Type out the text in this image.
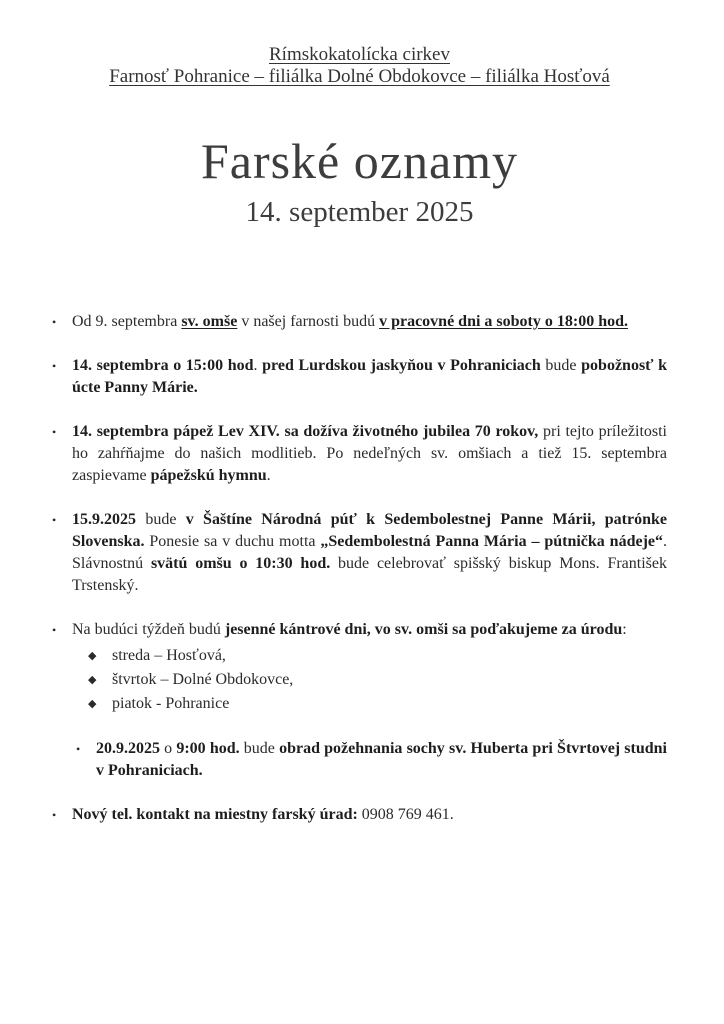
Rímskokatolícka cirkev
Farnosť Pohranice – filiálka Dolné Obdokovce – filiálka Hosťová
Farské oznamy
14. september 2025
• Od 9. septembra sv. omše v našej farnosti budú v pracovné dni a soboty o 18:00 hod.
• 14. septembra o 15:00 hod. pred Lurdskou jaskyňou v Pohraniciach bude pobožnosť k úcte Panny Márie.
• 14. septembra pápež Lev XIV. sa dožíva životného jubilea 70 rokov, pri tejto príležitosti ho zahŕňajme do našich modlitieb. Po nedeľných sv. omšiach a tiež 15. septembra zaspievame pápežskú hymnu.
• 15.9.2025 bude v Šaštíne Národná púť k Sedembolestnej Panne Márii, patrónke Slovenska. Ponesie sa v duchu motta „Sedembolestná Panna Mária – pútnička nádeje“. Slávnostnú svätú omšu o 10:30 hod. bude celebrovať spišský biskup Mons. František Trstenský.
• Na budúci týždeň budú jesenné kántrové dni, vo sv. omši sa poďakujeme za úrodu:
◆ streda – Hosťová,
◆ štvrtok – Dolné Obdokovce,
◆ piatok - Pohranice
• 20.9.2025 o 9:00 hod. bude obrad požehnania sochy sv. Huberta pri Štvrtovej studni v Pohraniciach.
• Nový tel. kontakt na miestny farský úrad: 0908 769 461.
